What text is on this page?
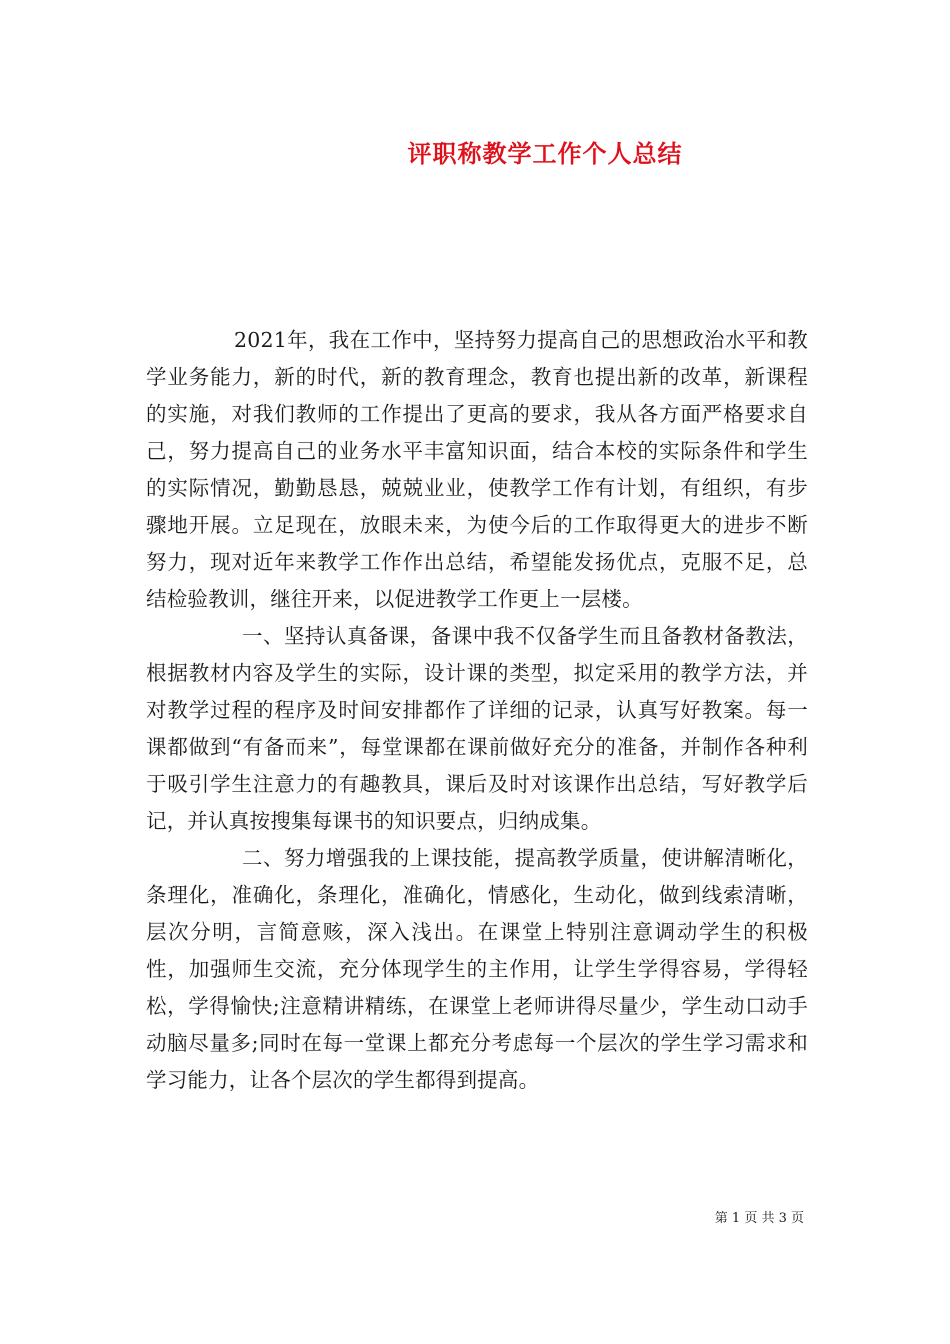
评职称教学工作个人总结

2021年，我在工作中，坚持努力提高自己的思想政治水平和教学业务能力，新的时代，新的教育理念，教育也提出新的改革，新课程的实施，对我们教师的工作提出了更高的要求，我从各方面严格要求自己，努力提高自己的业务水平丰富知识面，结合本校的实际条件和学生的实际情况，勤勤恳恳，兢兢业业，使教学工作有计划，有组织，有步骤地开展。立足现在，放眼未来，为使今后的工作取得更大的进步不断努力，现对近年来教学工作作出总结，希望能发扬优点，克服不足，总结检验教训，继往开来，以促进教学工作更上一层楼。

一、坚持认真备课，备课中我不仅备学生而且备教材备教法，根据教材内容及学生的实际，设计课的类型，拟定采用的教学方法，并对教学过程的程序及时间安排都作了详细的记录，认真写好教案。每一课都做到“有备而来”，每堂课都在课前做好充分的准备，并制作各种利于吸引学生注意力的有趣教具，课后及时对该课作出总结，写好教学后记，并认真按搜集每课书的知识要点，归纳成集。

二、努力增强我的上课技能，提高教学质量，使讲解清晰化，条理化，准确化，条理化，准确化，情感化，生动化，做到线索清晰，层次分明，言简意赅，深入浅出。在课堂上特别注意调动学生的积极性，加强师生交流，充分体现学生的主作用，让学生学得容易，学得轻松，学得愉快;注意精讲精练，在课堂上老师讲得尽量少，学生动口动手动脑尽量多;同时在每一堂课上都充分考虑每一个层次的学生学习需求和学习能力，让各个层次的学生都得到提高。

第 1 页 共 3 页
